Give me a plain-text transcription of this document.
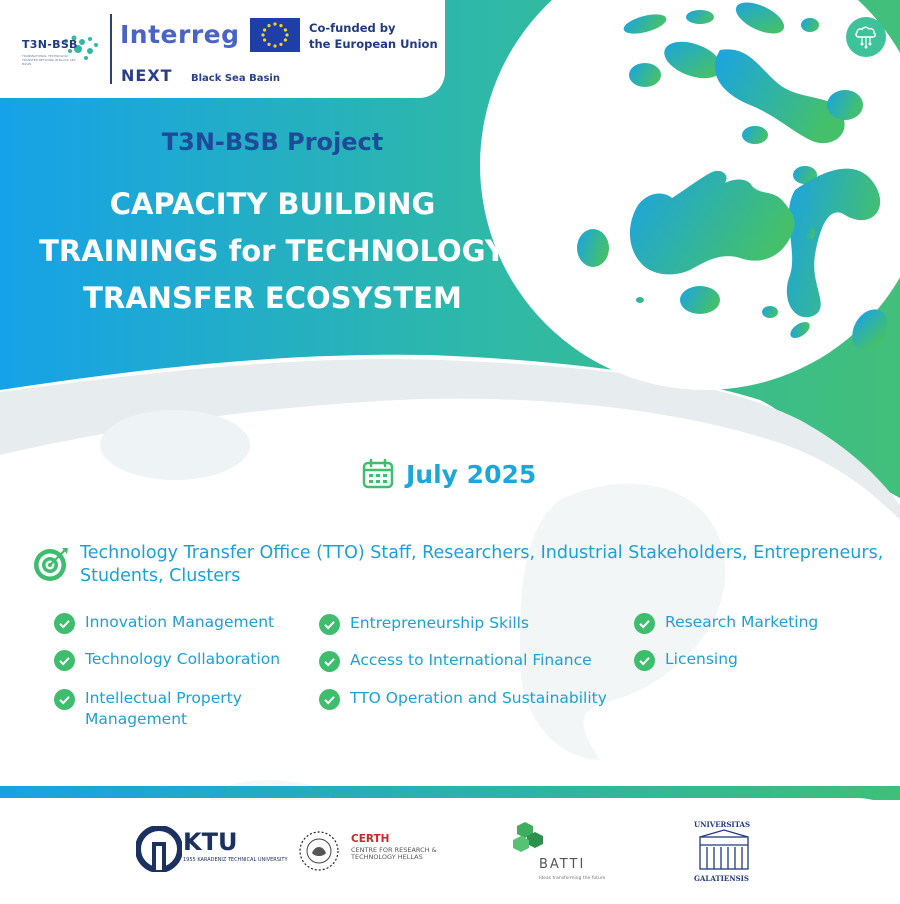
T3N-BSB
TRANSNATIONAL TECHNOLOGY TRANSFER NETWORK IN BLACK SEA BASIN
Interreg	Co-funded by
the European Union
NEXT Black Sea Basin
T3N-BSB Project
CAPACITY BUILDING
TRAININGS for TECHNOLOGY
TRANSFER ECOSYSTEM
July 2025
Technology Transfer Office (TTO) Staff, Researchers, Industrial Stakeholders, Entrepreneurs, Students, Clusters
Innovation Management
Technology Collaboration
Intellectual Property Management
Entrepreneurship Skills
Access to International Finance
TTO Operation and Sustainability
Research Marketing
Licensing
KTU
1955 KARADENIZ TECHNICAL UNIVERSITY
CERTH
CENTRE FOR RESEARCH & TECHNOLOGY HELLAS	BATTI
Ideas transforming the future
UNIVERSITAS
GALATIENSIS
